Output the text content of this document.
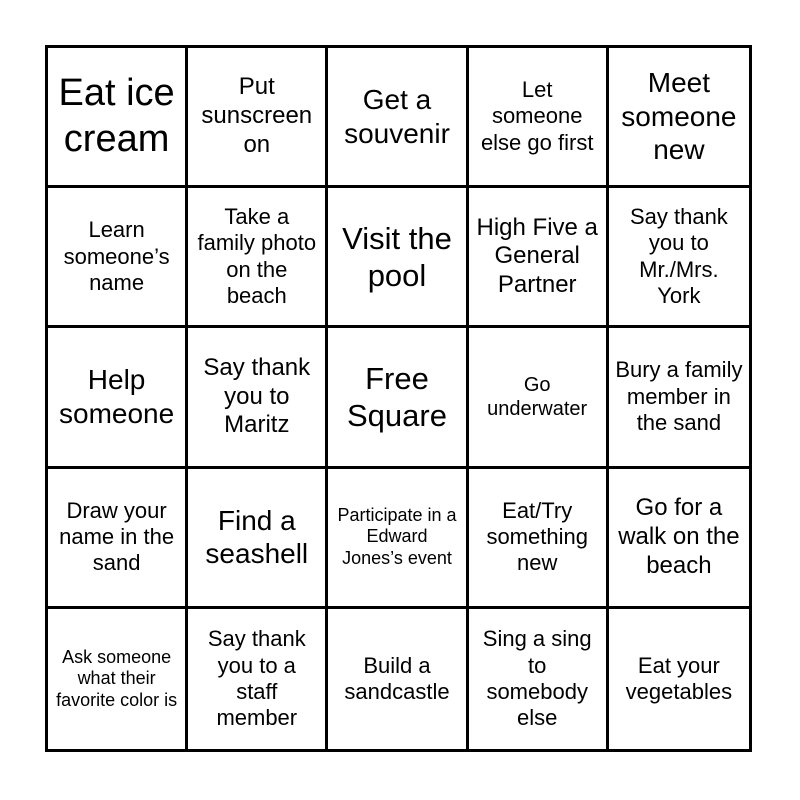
Eat ice cream
Put sunscreen on
Get a souvenir
Let someone else go first
Meet someone new
Learn someone’s name
Take a family photo on the beach
Visit the pool
High Five a General Partner
Say thank you to Mr./Mrs. York
Help someone
Say thank you to Maritz
Free Square
Go underwater
Bury a family member in the sand
Draw your name in the sand
Find a seashell
Participate in a Edward Jones’s event
Eat/Try something new
Go for a walk on the beach
Ask someone what their favorite color is
Say thank you to a staff member
Build a sandcastle
Sing a sing to somebody else
Eat your vegetables
